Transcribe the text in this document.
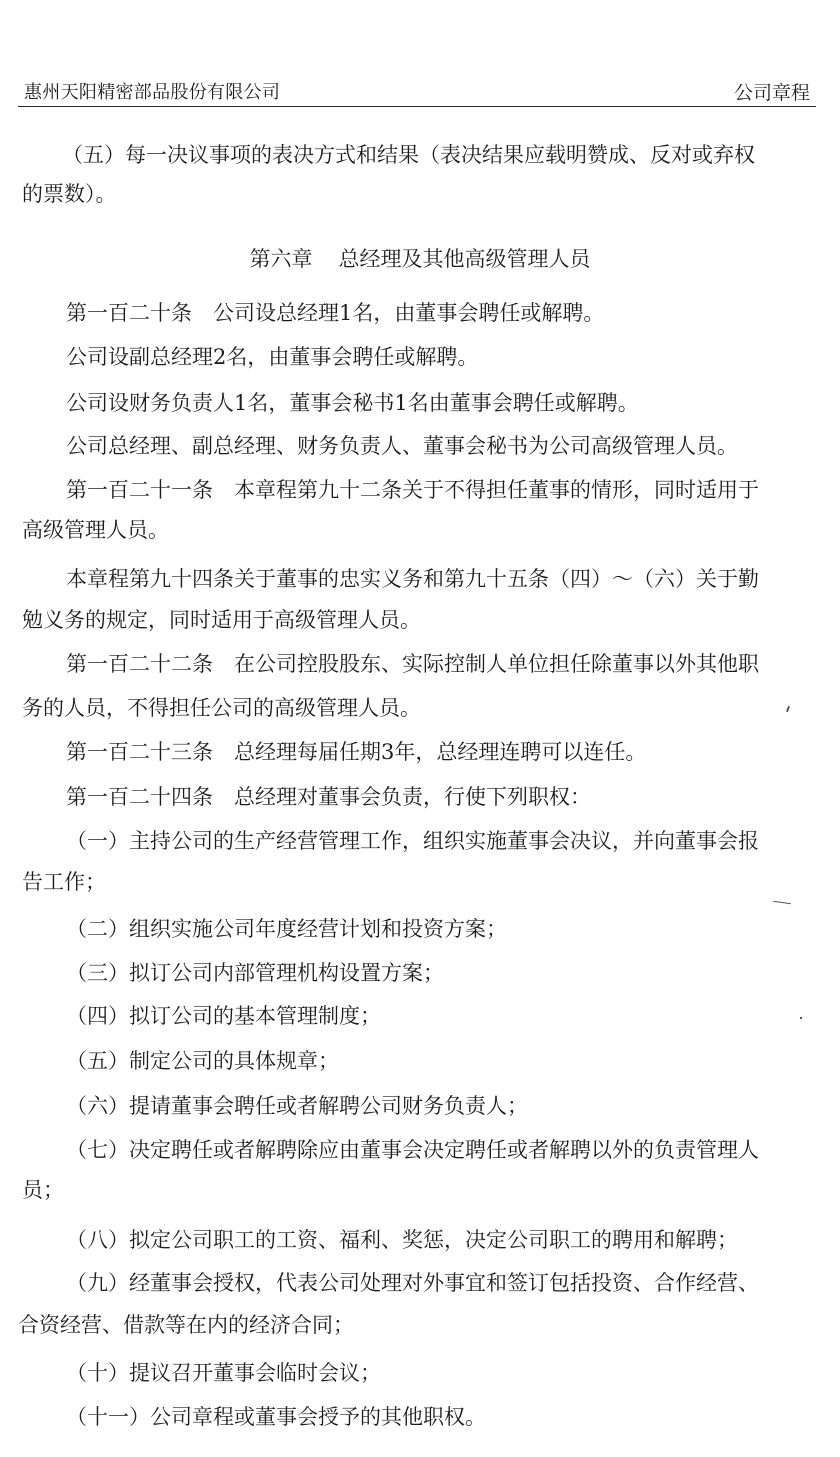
惠州天阳精密部品股份有限公司	公司章程
（五）每一决议事项的表决方式和结果（表决结果应载明赞成、反对或弃权
的票数）。
第六章 总经理及其他高级管理人员
第一百二十条　公司设总经理1名，由董事会聘任或解聘。
公司设副总经理2名，由董事会聘任或解聘。
公司设财务负责人1名，董事会秘书1名由董事会聘任或解聘。
公司总经理、副总经理、财务负责人、董事会秘书为公司高级管理人员。
第一百二十一条　本章程第九十二条关于不得担任董事的情形，同时适用于
高级管理人员。
本章程第九十四条关于董事的忠实义务和第九十五条（四）～（六）关于勤
勉义务的规定，同时适用于高级管理人员。
第一百二十二条　在公司控股股东、实际控制人单位担任除董事以外其他职
务的人员，不得担任公司的高级管理人员。
第一百二十三条　总经理每届任期3年，总经理连聘可以连任。
第一百二十四条　总经理对董事会负责，行使下列职权：
（一）主持公司的生产经营管理工作，组织实施董事会决议，并向董事会报
告工作；
（二）组织实施公司年度经营计划和投资方案；
（三）拟订公司内部管理机构设置方案；
（四）拟订公司的基本管理制度；
（五）制定公司的具体规章；
（六）提请董事会聘任或者解聘公司财务负责人；
（七）决定聘任或者解聘除应由董事会决定聘任或者解聘以外的负责管理人
员；
（八）拟定公司职工的工资、福利、奖惩，决定公司职工的聘用和解聘；
（九）经董事会授权，代表公司处理对外事宜和签订包括投资、合作经营、
合资经营、借款等在内的经济合同；
（十）提议召开董事会临时会议；
（十一）公司章程或董事会授予的其他职权。
